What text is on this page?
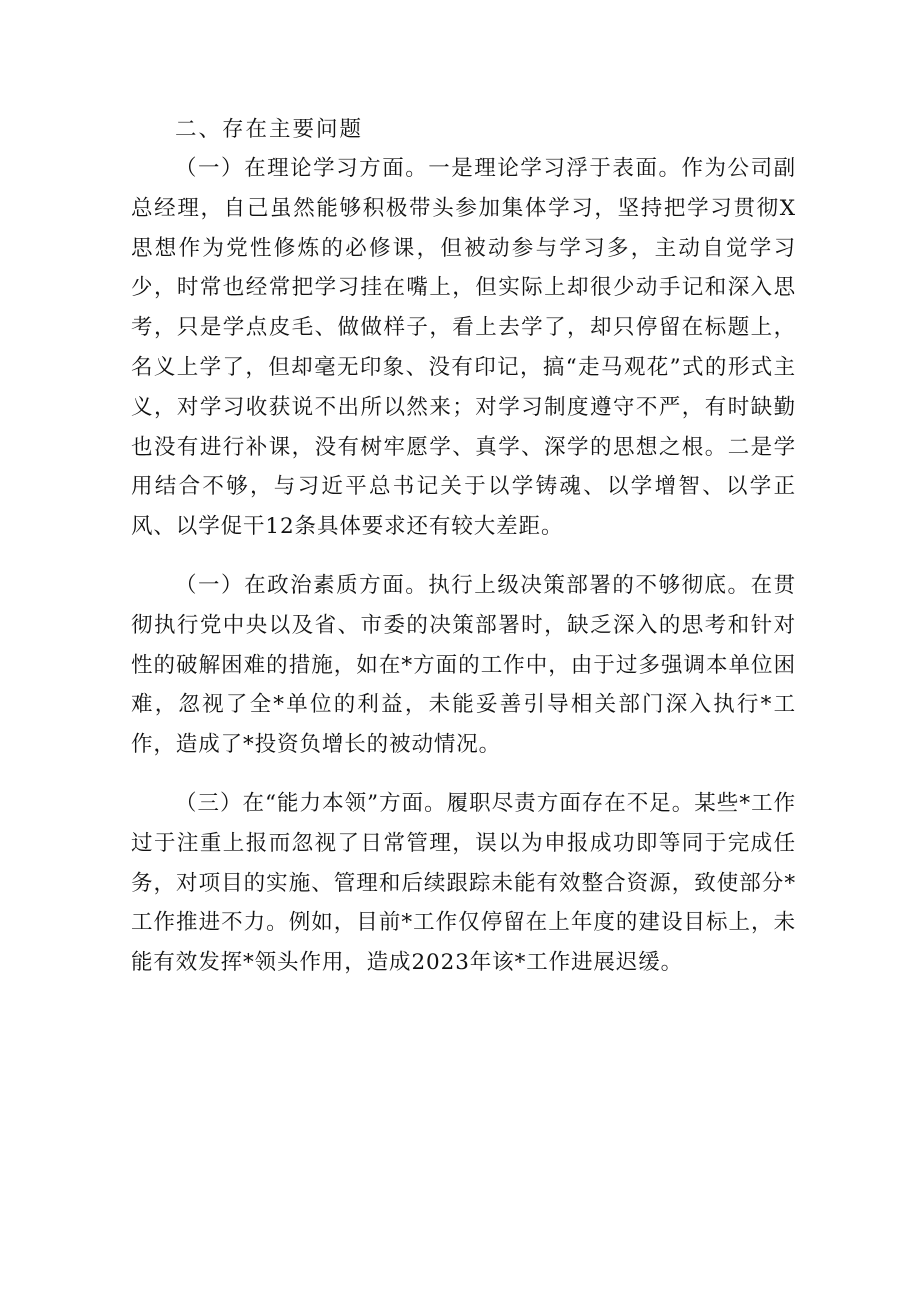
二、存在主要问题

（一）在理论学习方面。一是理论学习浮于表面。作为公司副总经理，自己虽然能够积极带头参加集体学习，坚持把学习贯彻X思想作为党性修炼的必修课，但被动参与学习多，主动自觉学习少，时常也经常把学习挂在嘴上，但实际上却很少动手记和深入思考，只是学点皮毛、做做样子，看上去学了，却只停留在标题上，名义上学了，但却毫无印象、没有印记，搞“走马观花”式的形式主义，对学习收获说不出所以然来；对学习制度遵守不严，有时缺勤也没有进行补课，没有树牢愿学、真学、深学的思想之根。二是学用结合不够，与习近平总书记关于以学铸魂、以学增智、以学正风、以学促干12条具体要求还有较大差距。

（一）在政治素质方面。执行上级决策部署的不够彻底。在贯彻执行党中央以及省、市委的决策部署时，缺乏深入的思考和针对性的破解困难的措施，如在*方面的工作中，由于过多强调本单位困难，忽视了全*单位的利益，未能妥善引导相关部门深入执行*工作，造成了*投资负增长的被动情况。

（三）在“能力本领”方面。履职尽责方面存在不足。某些*工作过于注重上报而忽视了日常管理，误以为申报成功即等同于完成任务，对项目的实施、管理和后续跟踪未能有效整合资源，致使部分*工作推进不力。例如，目前*工作仅停留在上年度的建设目标上，未能有效发挥*领头作用，造成2023年该*工作进展迟缓。
